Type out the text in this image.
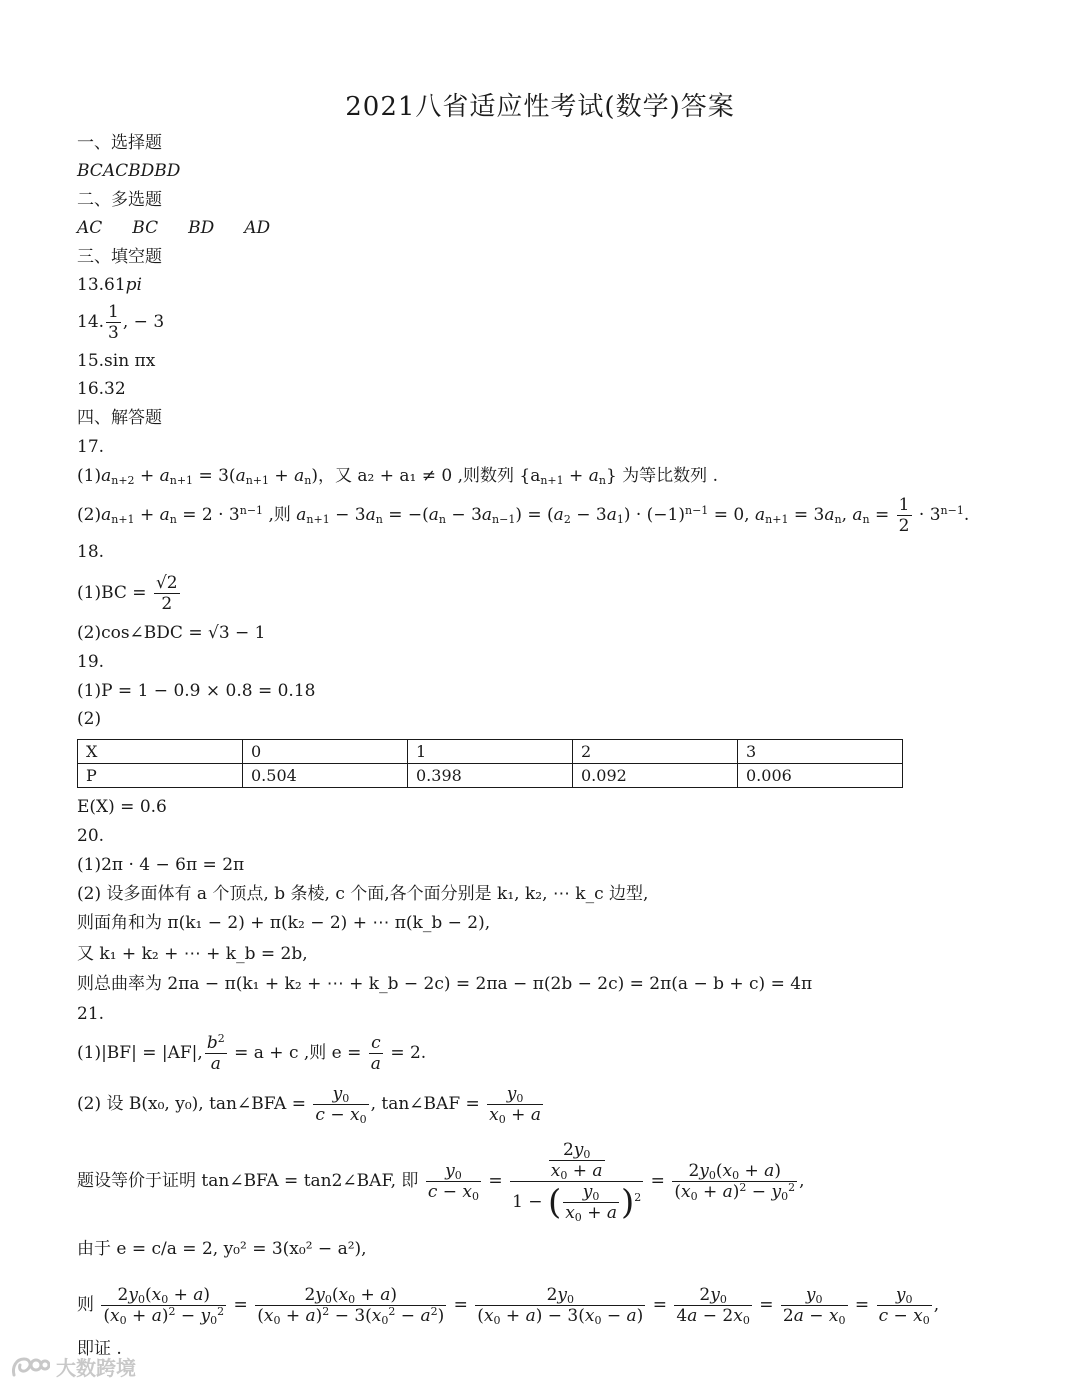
2021八省适应性考试(数学)答案
一、选择题
BCACBDBD
二、多选题
AC BC BD AD
三、填空题
13.61pi
14. $\frac{1}{3}$ , − 3
15.sin πx
16.32
四、解答题
17.
$(1)a_{n+2} + a_{n+1} = 3(a_{n+1} + a_n)$，又 a₂ + a₁ ≠ 0 ,则数列 $\{a_{n+1} + a_n\}$ 为等比数列 .
$(2)a_{n+1} + a_n = 2 \cdot 3^{n-1}$ ,则 $a_{n+1} - 3a_n = -(a_n - 3a_{n-1}) = (a_2 - 3a_1) \cdot (-1)^{n-1} = 0$, $a_{n+1} = 3a_n$, $a_n = \frac{1}{2} \cdot 3^{n-1}$.
18.
$(1)BC = \frac{√2}{2}$
(2)cos∠BDC = √3 − 1
19.
(1)P = 1 − 0.9 × 0.8 = 0.18
(2)
X	0	1	2	3
P	0.504	0.398	0.092	0.006
E(X) = 0.6
20.
(1)2π · 4 − 6π = 2π
(2) 设多面体有 a 个顶点, b 条棱, c 个面,各个面分别是 k₁, k₂, ⋯ k_c 边型,
则面角和为 π(k₁ − 2) + π(k₂ − 2) + ⋯ π(k_b − 2),
又 k₁ + k₂ + ⋯ + k_b = 2b,
则总曲率为 2πa − π(k₁ + k₂ + ⋯ + k_b − 2c) = 2πa − π(2b − 2c) = 2π(a − b + c) = 4π
21.
(1)|BF| = |AF|, $\frac{b^2}{a} = a + c$ ,则 $e = \frac{c}{a} = 2$.
(2) 设 B(x₀, y₀), tan∠BFA = $\frac{y_0}{c - x_0}$ , tan∠BAF = $\frac{y_0}{x_0 + a}$
题设等价于证明 tan∠BFA = tan2∠BAF, 即 $\frac{y_0}{c - x_0} = \frac{\frac{2y_0}{x_0 + a}}{1 - ( \frac{y_0}{x_0 + a} )^2} = \frac{2y_0(x_0 + a)}{(x_0 + a)^2 - y_0^2}$ ,
由于 e = c/a = 2, y₀² = 3(x₀² − a²),
则 $\frac{2y_0(x_0 + a)}{(x_0 + a)^2 - y_0^2} = \frac{2y_0(x_0 + a)}{(x_0 + a)^2 - 3(x_0^2 - a^2)} = \frac{2y_0}{(x_0 + a) - 3(x_0 - a)} = \frac{2y_0}{4a - 2x_0} = \frac{y_0}{2a - x_0} = \frac{y_0}{c - x_0}$ ,
即证 .
大数跨境
